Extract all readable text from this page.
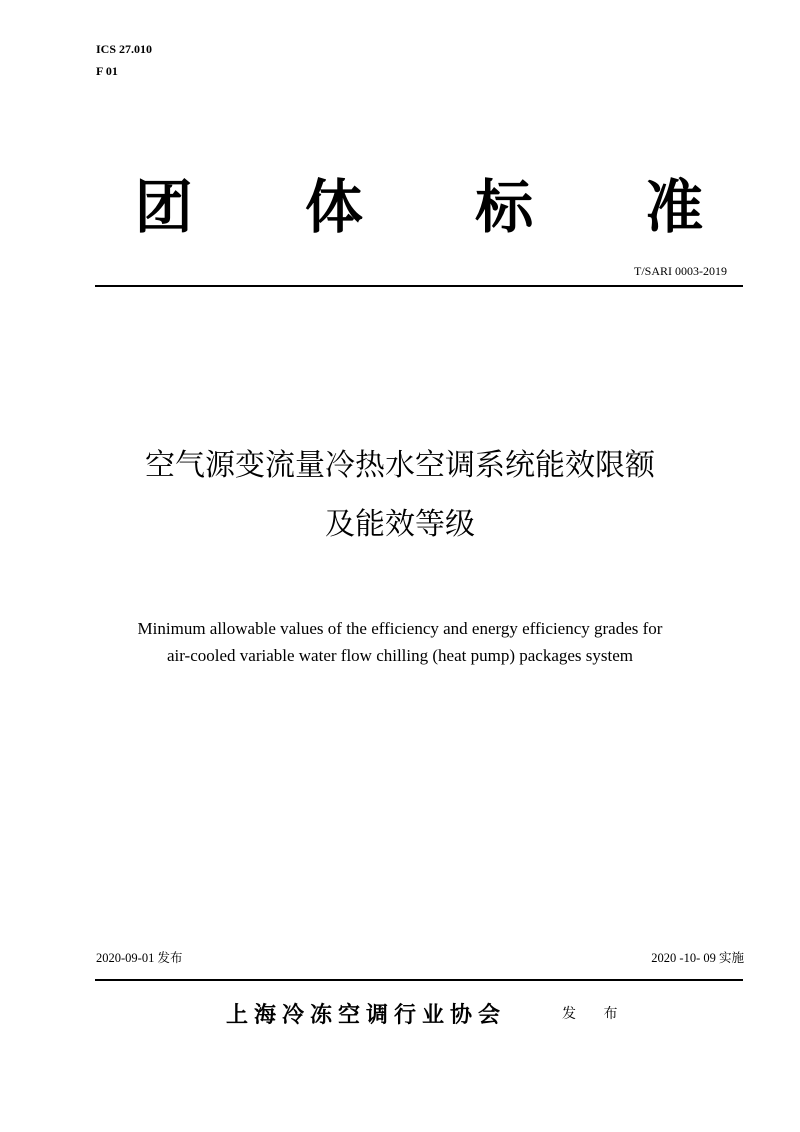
ICS 27.010
F 01
团 体 标 准
T/SARI 0003-2019
空气源变流量冷热水空调系统能效限额
及能效等级
Minimum allowable values of the efficiency and energy efficiency grades for
air-cooled variable water flow chilling (heat pump) packages system
2020-09-01 发布	2020 -10- 09 实施
上海冷冻空调行业协会	发 布
